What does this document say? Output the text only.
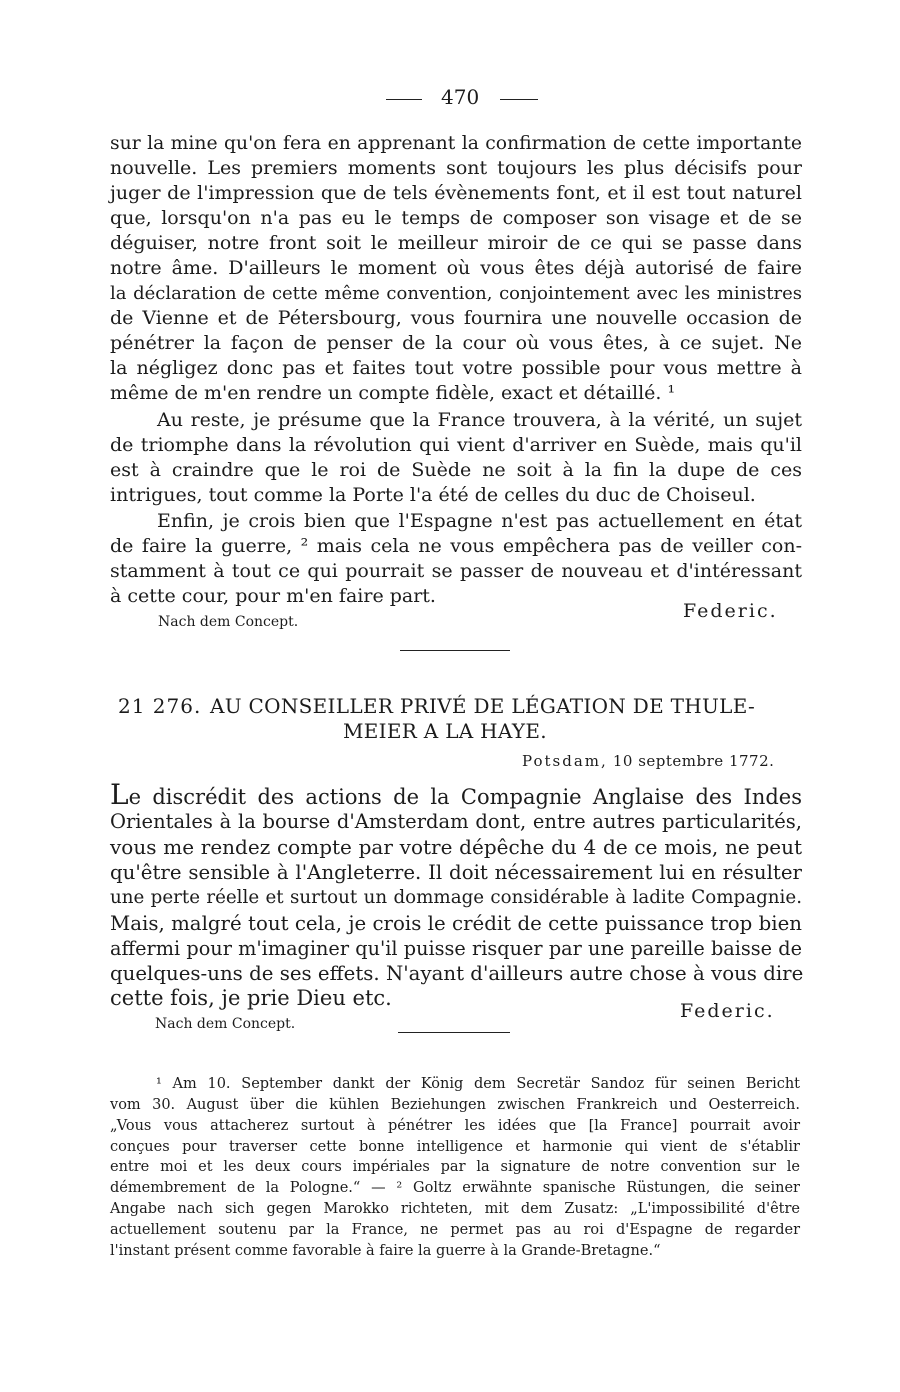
470
sur la mine qu'on fera en apprenant la confirmation de cette importante
nouvelle. Les premiers moments sont toujours les plus décisifs pour
juger de l'impression que de tels évènements font, et il est tout naturel
que, lorsqu'on n'a pas eu le temps de composer son visage et de se
déguiser, notre front soit le meilleur miroir de ce qui se passe dans
notre âme. D'ailleurs le moment où vous êtes déjà autorisé de faire
la déclaration de cette même convention, conjointement avec les ministres
de Vienne et de Pétersbourg, vous fournira une nouvelle occasion de
pénétrer la façon de penser de la cour où vous êtes, à ce sujet. Ne
la négligez donc pas et faites tout votre possible pour vous mettre à
même de m'en rendre un compte fidèle, exact et détaillé. ¹
Au reste, je présume que la France trouvera, à la vérité, un sujet
de triomphe dans la révolution qui vient d'arriver en Suède, mais qu'il
est à craindre que le roi de Suède ne soit à la fin la dupe de ces
intrigues, tout comme la Porte l'a été de celles du duc de Choiseul.
Enfin, je crois bien que l'Espagne n'est pas actuellement en état
de faire la guerre, ² mais cela ne vous empêchera pas de veiller con-
stamment à tout ce qui pourrait se passer de nouveau et d'intéressant
à cette cour, pour m'en faire part.
Federic.
Nach dem Concept.
21 276. AU CONSEILLER PRIVÉ DE LÉGATION DE THULE-
MEIER A LA HAYE.
Potsdam, 10 septembre 1772.
Le discrédit des actions de la Compagnie Anglaise des Indes
Orientales à la bourse d'Amsterdam dont, entre autres particularités,
vous me rendez compte par votre dépêche du 4 de ce mois, ne peut
qu'être sensible à l'Angleterre. Il doit nécessairement lui en résulter
une perte réelle et surtout un dommage considérable à ladite Compagnie.
Mais, malgré tout cela, je crois le crédit de cette puissance trop bien
affermi pour m'imaginer qu'il puisse risquer par une pareille baisse de
quelques-uns de ses effets. N'ayant d'ailleurs autre chose à vous dire
cette fois, je prie Dieu etc.
Federic.
Nach dem Concept.
¹ Am 10. September dankt der König dem Secretär Sandoz für seinen Bericht
vom 30. August über die kühlen Beziehungen zwischen Frankreich und Oesterreich.
„Vous vous attacherez surtout à pénétrer les idées que [la France] pourrait avoir
conçues pour traverser cette bonne intelligence et harmonie qui vient de s'établir
entre moi et les deux cours impériales par la signature de notre convention sur le
démembrement de la Pologne.“ — ² Goltz erwähnte spanische Rüstungen, die seiner
Angabe nach sich gegen Marokko richteten, mit dem Zusatz: „L'impossibilité d'être
actuellement soutenu par la France, ne permet pas au roi d'Espagne de regarder
l'instant présent comme favorable à faire la guerre à la Grande-Bretagne.“
